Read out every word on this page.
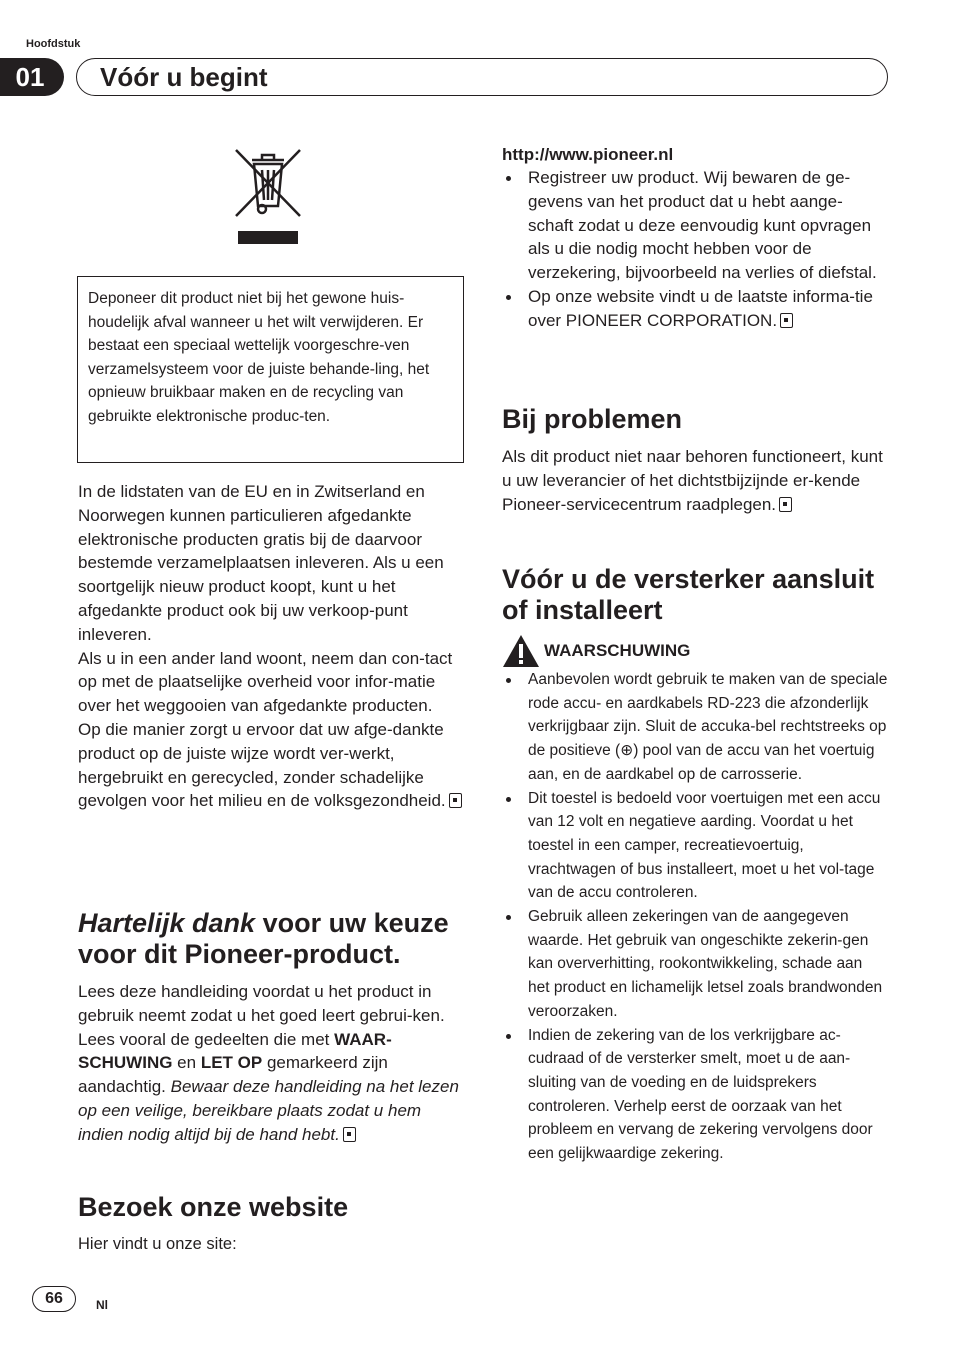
Hoofdstuk
01	Vóór u begint

Deponeer dit product niet bij het gewone huis-houdelijk afval wanneer u het wilt verwijderen. Er bestaat een speciaal wettelijk voorgeschre-ven verzamelsysteem voor de juiste behande-ling, het opnieuw bruikbaar maken en de recycling van gebruikte elektronische produc-ten.

In de lidstaten van de EU en in Zwitserland en Noorwegen kunnen particulieren afgedankte elektronische producten gratis bij de daarvoor bestemde verzamelplaatsen inleveren. Als u een soortgelijk nieuw product koopt, kunt u het afgedankte product ook bij uw verkoop-punt inleveren.

Als u in een ander land woont, neem dan con-tact op met de plaatselijke overheid voor infor-matie over het weggooien van afgedankte producten.

Op die manier zorgt u ervoor dat uw afge-dankte product op de juiste wijze wordt ver-werkt, hergebruikt en gerecycled, zonder schadelijke gevolgen voor het milieu en de volksgezondheid.

Hartelijk dank voor uw keuze voor dit Pioneer-product.

Lees deze handleiding voordat u het product in gebruik neemt zodat u het goed leert gebrui-ken. Lees vooral de gedeelten die met WAAR-SCHUWING en LET OP gemarkeerd zijn aandachtig. Bewaar deze handleiding na het lezen op een veilige, bereikbare plaats zodat u hem indien nodig altijd bij de hand hebt.

Bezoek onze website

Hier vindt u onze site:

http://www.pioneer.nl
Registreer uw product. Wij bewaren de ge-gevens van het product dat u hebt aange-schaft zodat u deze eenvoudig kunt opvragen als u die nodig mocht hebben voor de verzekering, bijvoorbeeld na verlies of diefstal.
Op onze website vindt u de laatste informa-tie over PIONEER CORPORATION.
Bij problemen

Als dit product niet naar behoren functioneert, kunt u uw leverancier of het dichtstbijzijnde er-kende Pioneer-servicecentrum raadplegen.

Vóór u de versterker aansluit of installeert
WAARSCHUWING
Aanbevolen wordt gebruik te maken van de speciale rode accu- en aardkabels RD-223 die afzonderlijk verkrijgbaar zijn. Sluit de accuka-bel rechtstreeks op de positieve (⊕) pool van de accu van het voertuig aan, en de aardkabel op de carrosserie.
Dit toestel is bedoeld voor voertuigen met een accu van 12 volt en negatieve aarding. Voordat u het toestel in een camper, recreatievoertuig, vrachtwagen of bus installeert, moet u het vol-tage van de accu controleren.
Gebruik alleen zekeringen van de aangegeven waarde. Het gebruik van ongeschikte zekerin-gen kan oververhitting, rookontwikkeling, schade aan het product en lichamelijk letsel zoals brandwonden veroorzaken.
Indien de zekering van de los verkrijgbare ac-cudraad of de versterker smelt, moet u de aan-sluiting van de voeding en de luidsprekers controleren. Verhelp eerst de oorzaak van het probleem en vervang de zekering vervolgens door een gelijkwaardige zekering.
66	Nl
